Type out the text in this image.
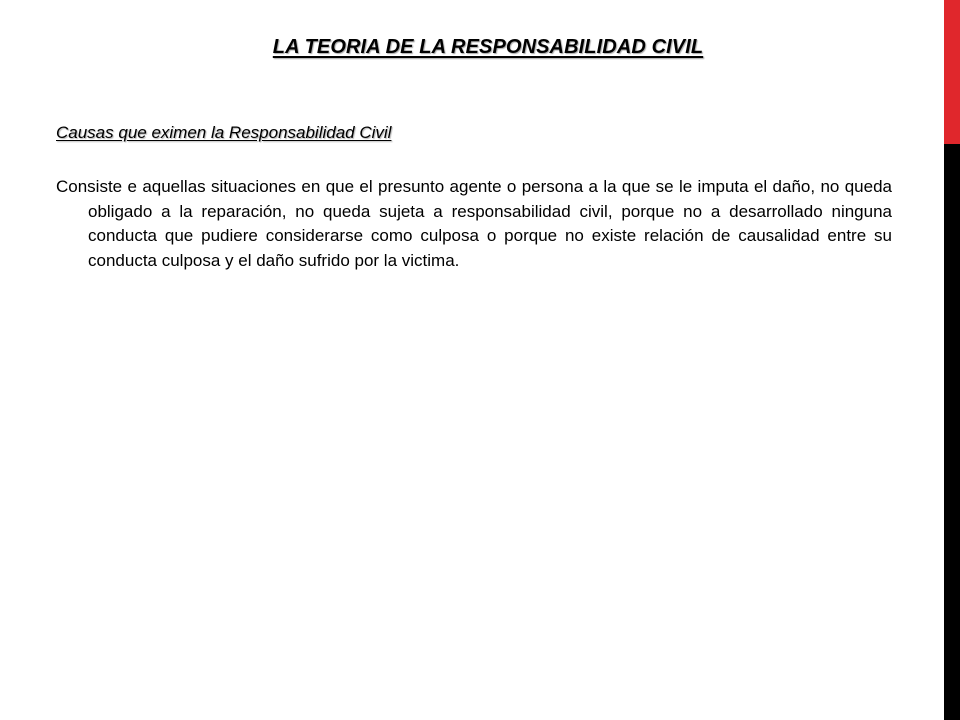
LA TEORIA DE LA RESPONSABILIDAD CIVIL
Causas que eximen la Responsabilidad Civil

Consiste e aquellas situaciones en que el presunto agente o persona a la que se le imputa el daño, no queda obligado a la reparación, no queda sujeta a responsabilidad civil, porque no a desarrollado ninguna conducta que pudiere considerarse como culposa o porque no existe relación de causalidad entre su conducta culposa y el daño sufrido por la victima.
